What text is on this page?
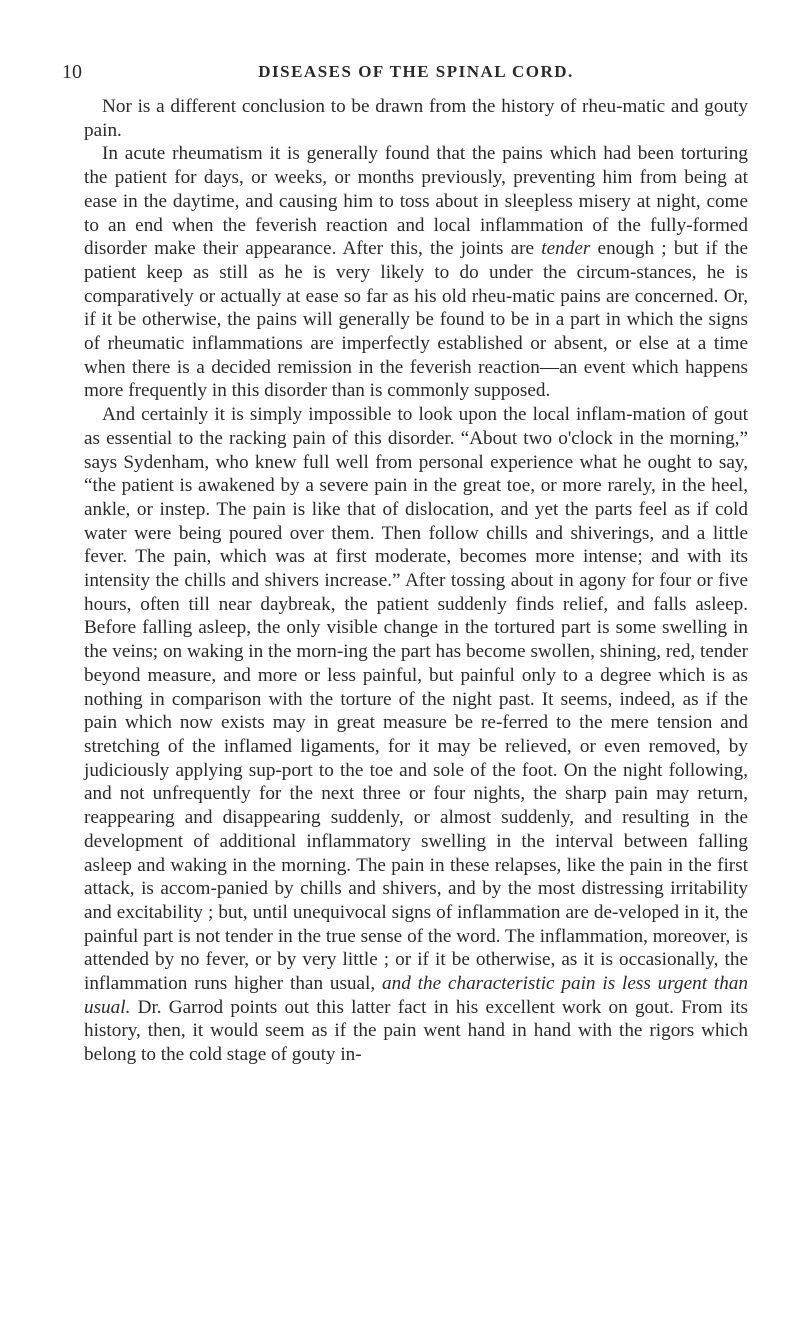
10	DISEASES OF THE SPINAL CORD.

Nor is a different conclusion to be drawn from the history of rheu-matic and gouty pain.

In acute rheumatism it is generally found that the pains which had been torturing the patient for days, or weeks, or months previously, preventing him from being at ease in the daytime, and causing him to toss about in sleepless misery at night, come to an end when the feverish reaction and local inflammation of the fully-formed disorder make their appearance. After this, the joints are tender enough ; but if the patient keep as still as he is very likely to do under the circum-stances, he is comparatively or actually at ease so far as his old rheu-matic pains are concerned. Or, if it be otherwise, the pains will generally be found to be in a part in which the signs of rheumatic inflammations are imperfectly established or absent, or else at a time when there is a decided remission in the feverish reaction—an event which happens more frequently in this disorder than is commonly supposed.

And certainly it is simply impossible to look upon the local inflam-mation of gout as essential to the racking pain of this disorder. “About two o'clock in the morning,” says Sydenham, who knew full well from personal experience what he ought to say, “the patient is awakened by a severe pain in the great toe, or more rarely, in the heel, ankle, or instep. The pain is like that of dislocation, and yet the parts feel as if cold water were being poured over them. Then follow chills and shiverings, and a little fever. The pain, which was at first moderate, becomes more intense; and with its intensity the chills and shivers increase.” After tossing about in agony for four or five hours, often till near daybreak, the patient suddenly finds relief, and falls asleep. Before falling asleep, the only visible change in the tortured part is some swelling in the veins; on waking in the morn-ing the part has become swollen, shining, red, tender beyond measure, and more or less painful, but painful only to a degree which is as nothing in comparison with the torture of the night past. It seems, indeed, as if the pain which now exists may in great measure be re-ferred to the mere tension and stretching of the inflamed ligaments, for it may be relieved, or even removed, by judiciously applying sup-port to the toe and sole of the foot. On the night following, and not unfrequently for the next three or four nights, the sharp pain may return, reappearing and disappearing suddenly, or almost suddenly, and resulting in the development of additional inflammatory swelling in the interval between falling asleep and waking in the morning. The pain in these relapses, like the pain in the first attack, is accom-panied by chills and shivers, and by the most distressing irritability and excitability ; but, until unequivocal signs of inflammation are de-veloped in it, the painful part is not tender in the true sense of the word. The inflammation, moreover, is attended by no fever, or by very little ; or if it be otherwise, as it is occasionally, the inflammation runs higher than usual, and the characteristic pain is less urgent than usual. Dr. Garrod points out this latter fact in his excellent work on gout. From its history, then, it would seem as if the pain went hand in hand with the rigors which belong to the cold stage of gouty in-
